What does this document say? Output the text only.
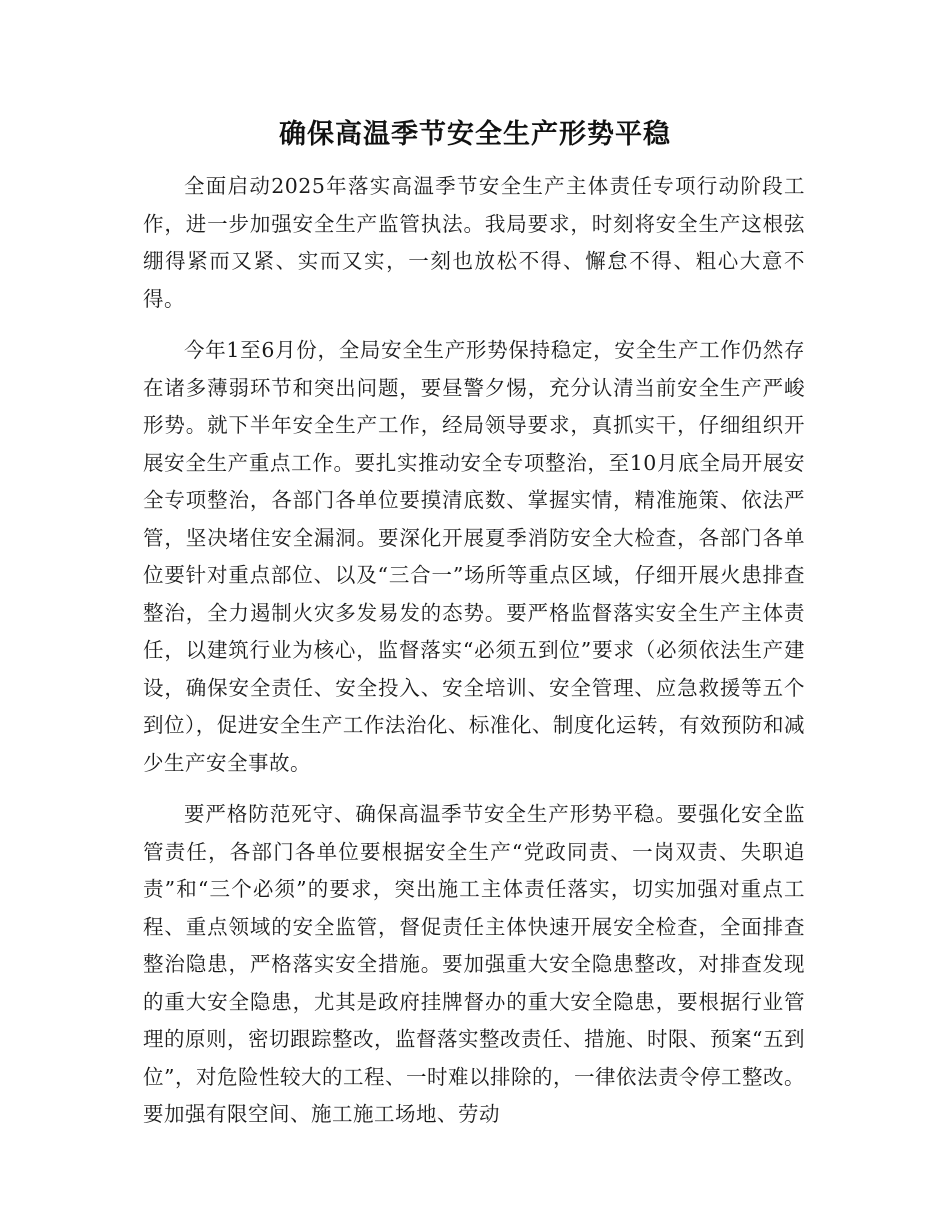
确保高温季节安全生产形势平稳

全面启动2025年落实高温季节安全生产主体责任专项行动阶段工作，进一步加强安全生产监管执法。我局要求，时刻将安全生产这根弦绷得紧而又紧、实而又实，一刻也放松不得、懈怠不得、粗心大意不得。

今年1至6月份，全局安全生产形势保持稳定，安全生产工作仍然存在诸多薄弱环节和突出问题，要昼警夕惕，充分认清当前安全生产严峻形势。就下半年安全生产工作，经局领导要求，真抓实干，仔细组织开展安全生产重点工作。要扎实推动安全专项整治，至10月底全局开展安全专项整治，各部门各单位要摸清底数、掌握实情，精准施策、依法严管，坚决堵住安全漏洞。要深化开展夏季消防安全大检查，各部门各单位要针对重点部位、以及“三合一”场所等重点区域，仔细开展火患排查整治，全力遏制火灾多发易发的态势。要严格监督落实安全生产主体责任，以建筑行业为核心，监督落实“必须五到位”要求（必须依法生产建设，确保安全责任、安全投入、安全培训、安全管理、应急救援等五个到位），促进安全生产工作法治化、标准化、制度化运转，有效预防和减少生产安全事故。

要严格防范死守、确保高温季节安全生产形势平稳。要强化安全监管责任，各部门各单位要根据安全生产“党政同责、一岗双责、失职追责”和“三个必须”的要求，突出施工主体责任落实，切实加强对重点工程、重点领域的安全监管，督促责任主体快速开展安全检查，全面排查整治隐患，严格落实安全措施。要加强重大安全隐患整改，对排查发现的重大安全隐患，尤其是政府挂牌督办的重大安全隐患，要根据行业管理的原则，密切跟踪整改，监督落实整改责任、措施、时限、预案“五到位”，对危险性较大的工程、一时难以排除的，一律依法责令停工整改。要加强有限空间、施工施工场地、劳动
